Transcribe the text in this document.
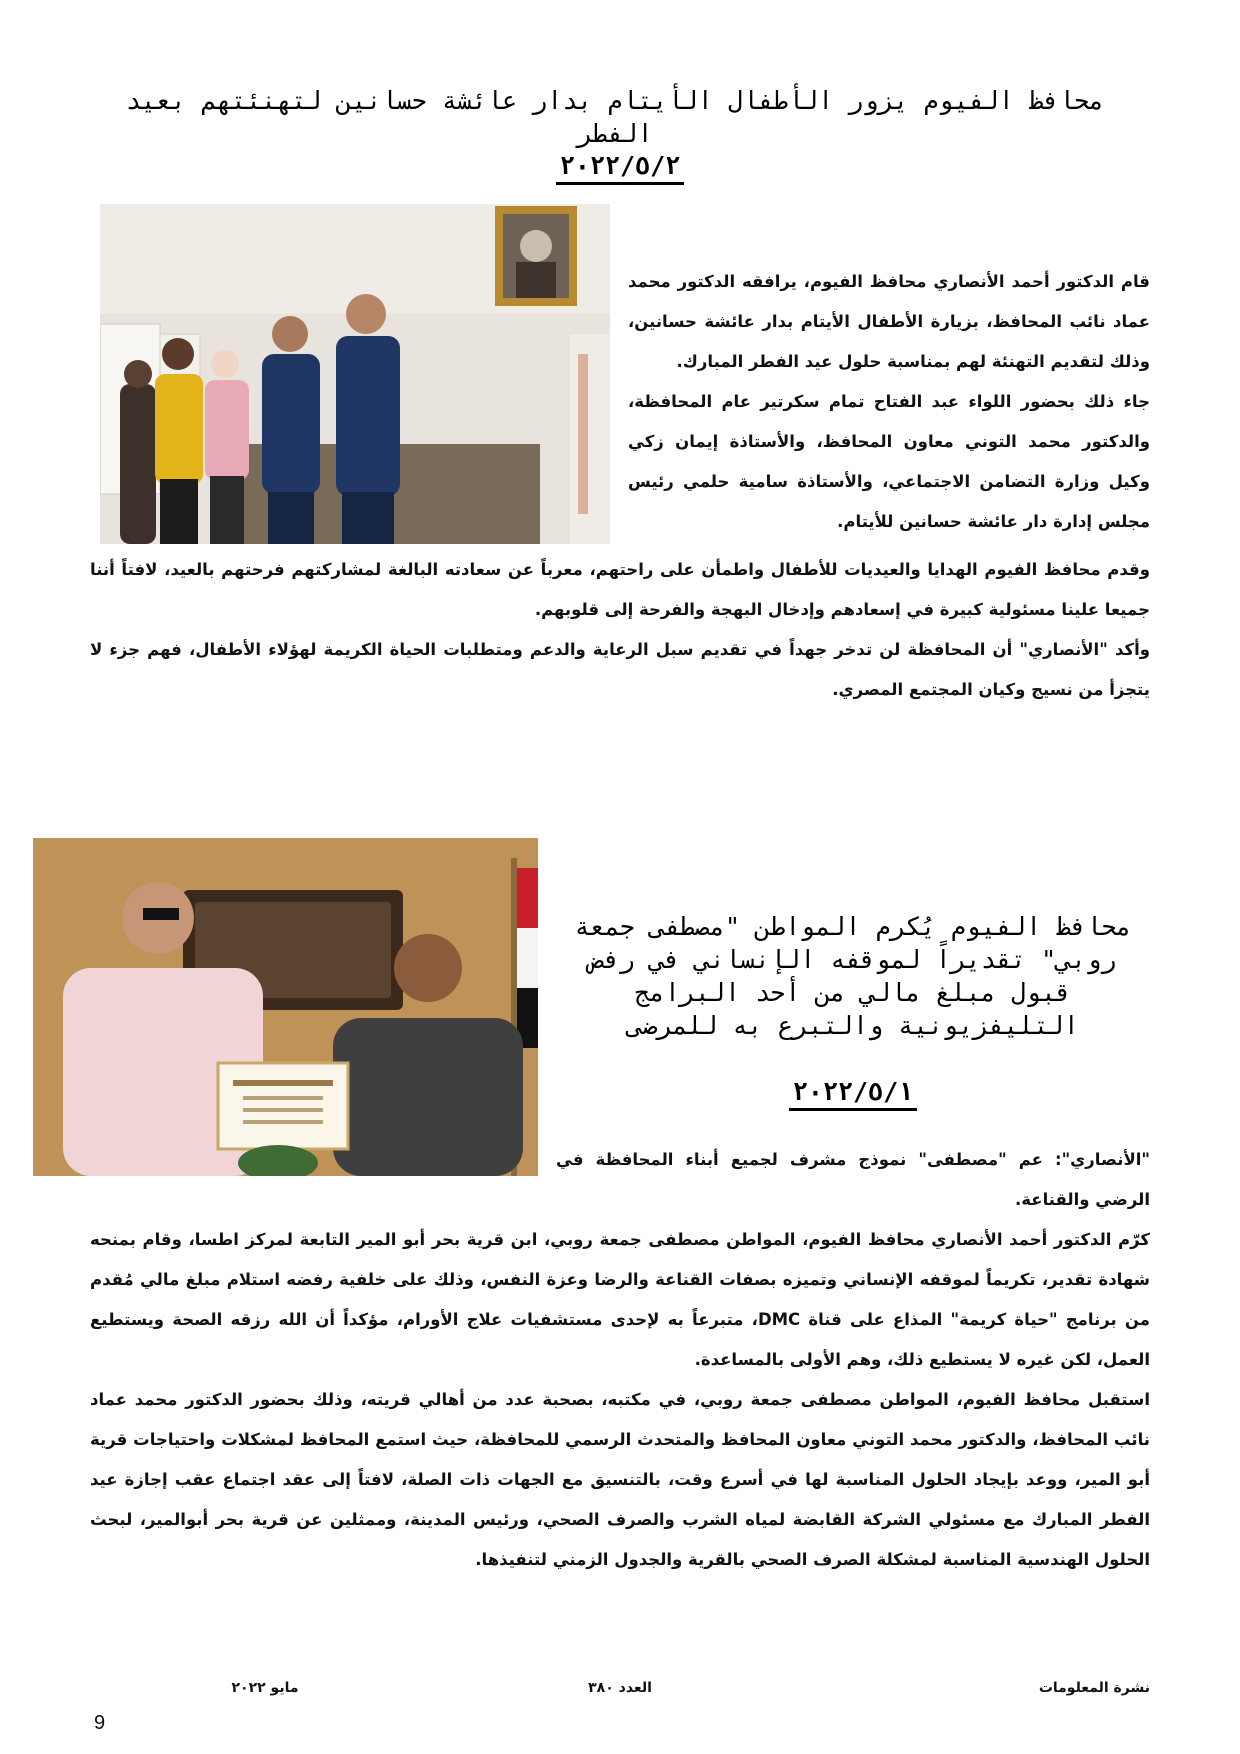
محافظ الفيوم يزور الأطفال الأيتام بدار عائشة حسانين لتهنئتهم بعيد الفطر
٢٠٢٢/٥/٢

قام الدكتور أحمد الأنصاري محافظ الفيوم، يرافقه الدكتور محمد عماد نائب المحافظ، بزيارة الأطفال الأيتام بدار عائشة حسانين، وذلك لتقديم التهنئة لهم بمناسبة حلول عيد الفطر المبارك.

جاء ذلك بحضور اللواء عبد الفتاح تمام سكرتير عام المحافظة، والدكتور محمد التوني معاون المحافظ، والأستاذة إيمان زكي وكيل وزارة التضامن الاجتماعي، والأستاذة سامية حلمي رئيس مجلس إدارة دار عائشة حسانين للأيتام.

وقدم محافظ الفيوم الهدايا والعيديات للأطفال واطمأن على راحتهم، معرباً عن سعادته البالغة لمشاركتهم فرحتهم بالعيد، لافتاً أننا جميعا علينا مسئولية كبيرة في إسعادهم وإدخال البهجة والفرحة إلى قلوبهم.

وأكد "الأنصاري" أن المحافظة لن تدخر جهداً في تقديم سبل الرعاية والدعم ومتطلبات الحياة الكريمة لهؤلاء الأطفال، فهم جزء لا يتجزأ من نسيج وكيان المجتمع المصري.

محافظ الفيوم يُكرم المواطن "مصطفى جمعة روبي" تقديراً لموقفه الإنساني في رفض قبول مبلغ مالي من أحد البرامج التليفزيونية والتبرع به للمرضى
٢٠٢٢/٥/١

"الأنصاري": عم "مصطفى" نموذج مشرف لجميع أبناء المحافظة في الرضي والقناعة.

كرّم الدكتور أحمد الأنصاري محافظ الفيوم، المواطن مصطفى جمعة روبي، ابن قرية بحر أبو المير التابعة لمركز اطسا، وقام بمنحه شهادة تقدير، تكريماً لموقفه الإنساني وتميزه بصفات القناعة والرضا وعزة النفس، وذلك على خلفية رفضه استلام مبلغ مالي مُقدم من برنامج "حياة كريمة" المذاع على قناة DMC، متبرعاً به لإحدى مستشفيات علاج الأورام، مؤكداً أن الله رزقه الصحة ويستطيع العمل، لكن غيره لا يستطيع ذلك، وهم الأولى بالمساعدة.

استقبل محافظ الفيوم، المواطن مصطفى جمعة روبي، في مكتبه، بصحبة عدد من أهالي قريته، وذلك بحضور الدكتور محمد عماد نائب المحافظ، والدكتور محمد التوني معاون المحافظ والمتحدث الرسمي للمحافظة، حيث استمع المحافظ لمشكلات واحتياجات قرية أبو المير، ووعد بإيجاد الحلول المناسبة لها في أسرع وقت، بالتنسيق مع الجهات ذات الصلة، لافتاً إلى عقد اجتماع عقب إجازة عيد الفطر المبارك مع مسئولي الشركة القابضة لمياه الشرب والصرف الصحي، ورئيس المدينة، وممثلين عن قرية بحر أبوالمير، لبحث الحلول الهندسية المناسبة لمشكلة الصرف الصحي بالقرية والجدول الزمني لتنفيذها.

نشرة المعلومات
العدد ٣٨٠
مايو ٢٠٢٢
9
